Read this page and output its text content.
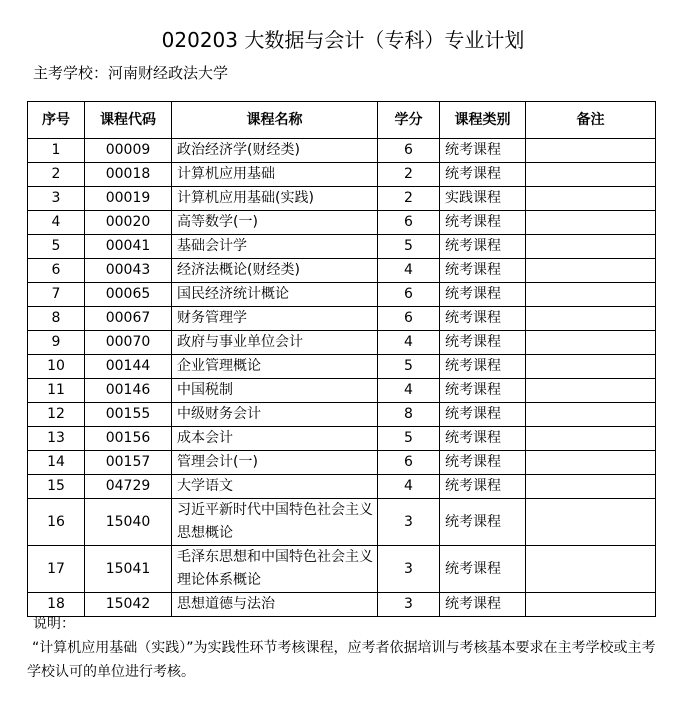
020203 大数据与会计（专科）专业计划
主考学校：河南财经政法大学
序号	课程代码	课程名称	学分	课程类别	备注
1	00009	政治经济学(财经类)	6	统考课程	
2	00018	计算机应用基础	2	统考课程	
3	00019	计算机应用基础(实践)	2	实践课程	
4	00020	高等数学(一)	6	统考课程	
5	00041	基础会计学	5	统考课程	
6	00043	经济法概论(财经类)	4	统考课程	
7	00065	国民经济统计概论	6	统考课程	
8	00067	财务管理学	6	统考课程	
9	00070	政府与事业单位会计	4	统考课程	
10	00144	企业管理概论	5	统考课程	
11	00146	中国税制	4	统考课程	
12	00155	中级财务会计	8	统考课程	
13	00156	成本会计	5	统考课程	
14	00157	管理会计(一)	6	统考课程	
15	04729	大学语文	4	统考课程	
16	15040	习近平新时代中国特色社会主义思想概论	3	统考课程	
17	15041	毛泽东思想和中国特色社会主义理论体系概论	3	统考课程	
18	15042	思想道德与法治	3	统考课程	
说明：
“计算机应用基础（实践）”为实践性环节考核课程，应考者依据培训与考核基本要求在主考学校或主考学校认可的单位进行考核。
